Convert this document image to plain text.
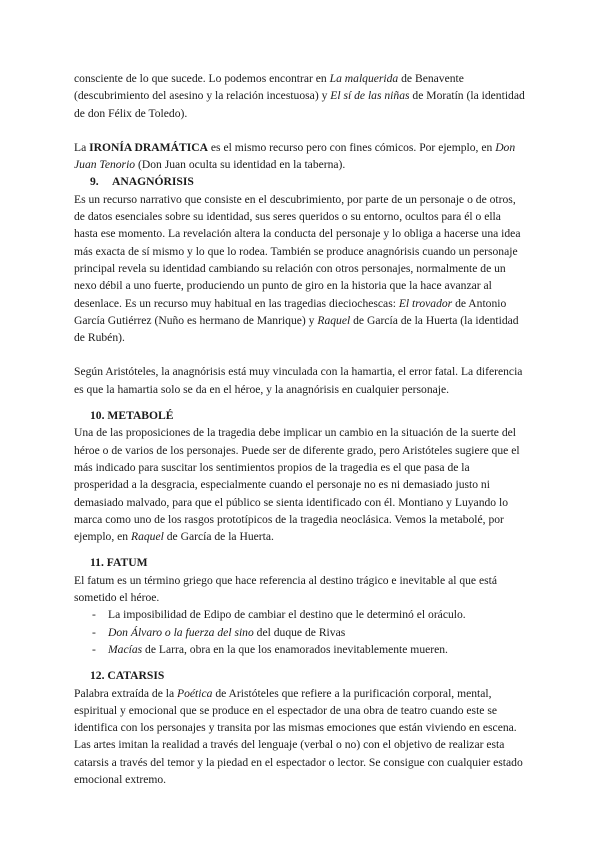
consciente de lo que sucede. Lo podemos encontrar en La malquerida de Benavente (descubrimiento del asesino y la relación incestuosa) y El sí de las niñas de Moratín (la identidad de don Félix de Toledo).

La IRONÍA DRAMÁTICA es el mismo recurso pero con fines cómicos. Por ejemplo, en Don Juan Tenorio (Don Juan oculta su identidad en la taberna).

9. ANAGNÓRISIS

Es un recurso narrativo que consiste en el descubrimiento, por parte de un personaje o de otros, de datos esenciales sobre su identidad, sus seres queridos o su entorno, ocultos para él o ella hasta ese momento. La revelación altera la conducta del personaje y lo obliga a hacerse una idea más exacta de sí mismo y lo que lo rodea. También se produce anagnórisis cuando un personaje principal revela su identidad cambiando su relación con otros personajes, normalmente de un nexo débil a uno fuerte, produciendo un punto de giro en la historia que la hace avanzar al desenlace. Es un recurso muy habitual en las tragedias dieciochescas: El trovador de Antonio García Gutiérrez (Nuño es hermano de Manrique) y Raquel de García de la Huerta (la identidad de Rubén).

Según Aristóteles, la anagnórisis está muy vinculada con la hamartia, el error fatal. La diferencia es que la hamartia solo se da en el héroe, y la anagnórisis en cualquier personaje.

10. METABOLÉ

Una de las proposiciones de la tragedia debe implicar un cambio en la situación de la suerte del héroe o de varios de los personajes. Puede ser de diferente grado, pero Aristóteles sugiere que el más indicado para suscitar los sentimientos propios de la tragedia es el que pasa de la prosperidad a la desgracia, especialmente cuando el personaje no es ni demasiado justo ni demasiado malvado, para que el público se sienta identificado con él. Montiano y Luyando lo marca como uno de los rasgos prototípicos de la tragedia neoclásica. Vemos la metabolé, por ejemplo, en Raquel de García de la Huerta.

11. FATUM

El fatum es un término griego que hace referencia al destino trágico e inevitable al que está sometido el héroe.

- La imposibilidad de Edipo de cambiar el destino que le determinó el oráculo.
- Don Álvaro o la fuerza del sino del duque de Rivas
- Macías de Larra, obra en la que los enamorados inevitablemente mueren.

12. CATARSIS

Palabra extraída de la Poética de Aristóteles que refiere a la purificación corporal, mental, espiritual y emocional que se produce en el espectador de una obra de teatro cuando este se identifica con los personajes y transita por las mismas emociones que están viviendo en escena. Las artes imitan la realidad a través del lenguaje (verbal o no) con el objetivo de realizar esta catarsis a través del temor y la piedad en el espectador o lector. Se consigue con cualquier estado emocional extremo.
